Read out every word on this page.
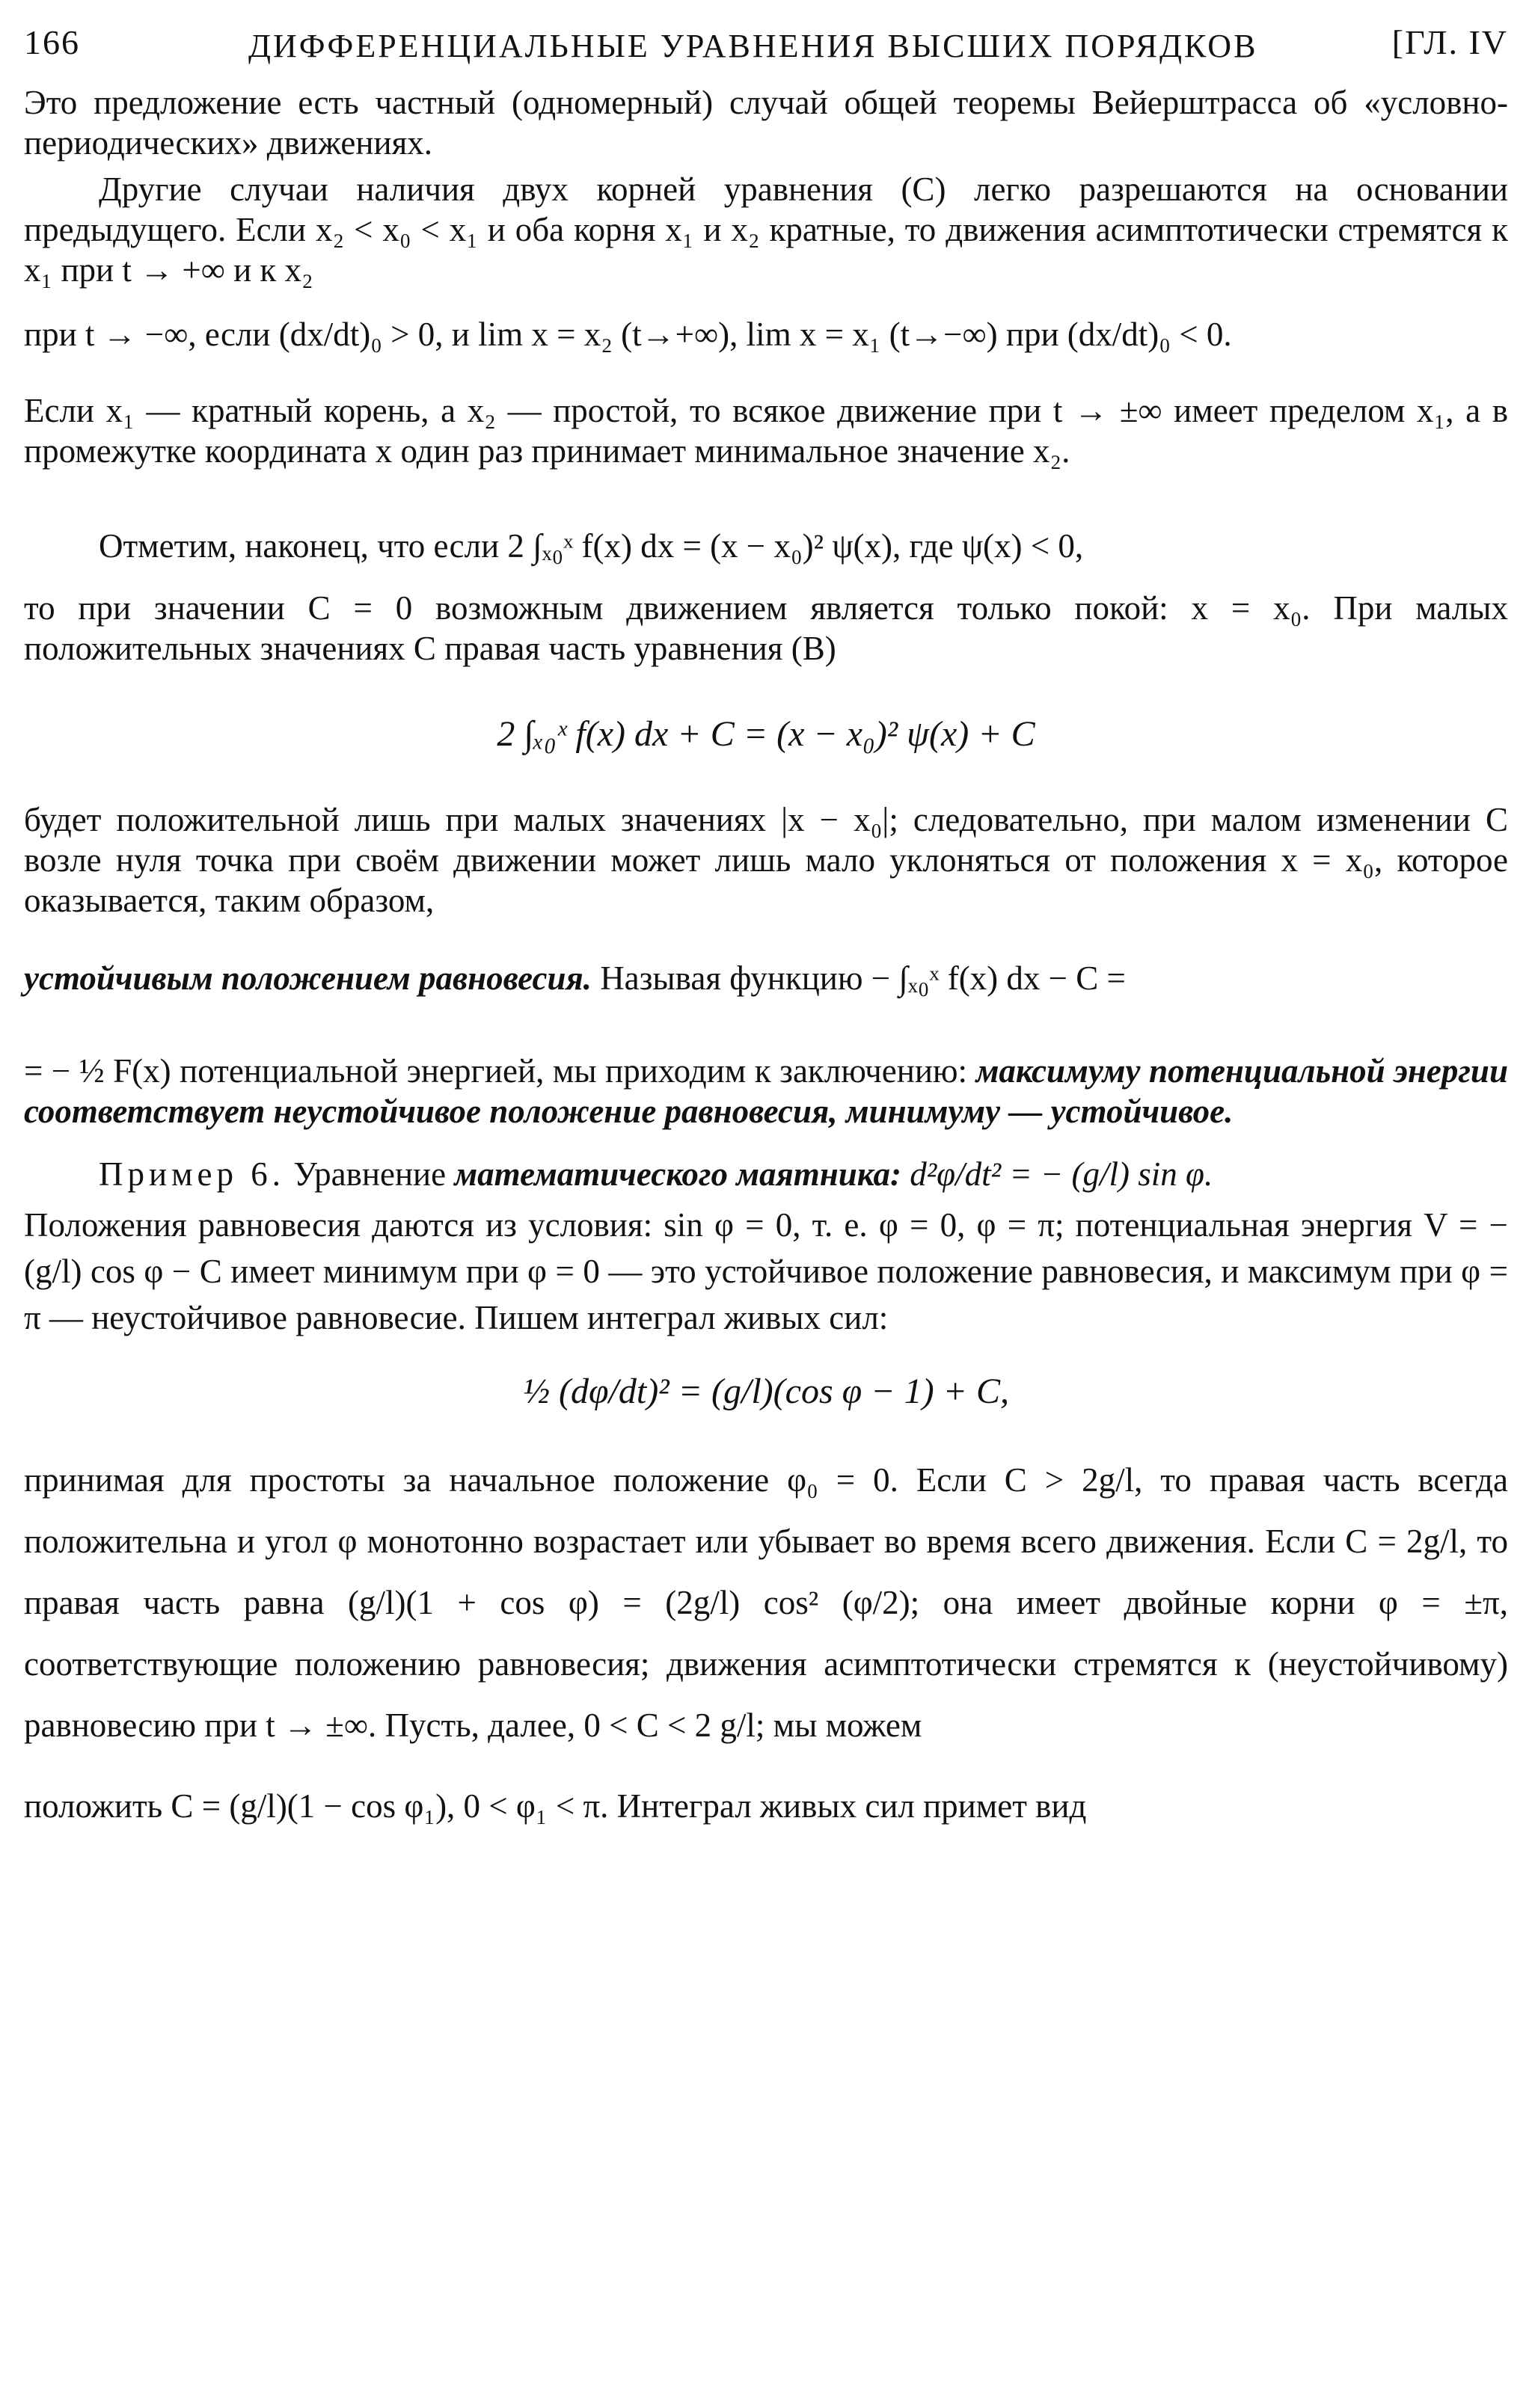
166	ДИФФЕРЕНЦИАЛЬНЫЕ УРАВНЕНИЯ ВЫСШИХ ПОРЯДКОВ	[ГЛ. IV

Это предложение есть частный (одномерный) случай общей теоремы Вейерштрасса об «условно-периодических» движениях.

Другие случаи наличия двух корней уравнения (C) легко разрешаются на основании предыдущего. Если x₂ < x₀ < x₁ и оба корня x₁ и x₂ кратные, то движения асимптотически стремятся к x₁ при t → +∞ и к x₂

при t → −∞, если (dx/dt)₀ > 0, и lim x = x₂ (t→+∞), lim x = x₁ (t→−∞) при (dx/dt)₀ < 0.

Если x₁ — кратный корень, а x₂ — простой, то всякое движение при t → ±∞ имеет пределом x₁, а в промежутке координата x один раз принимает минимальное значение x₂.

Отметим, наконец, что если 2 ∫ₓ₀ˣ f(x) dx = (x − x₀)² ψ(x), где ψ(x) < 0,

то при значении C = 0 возможным движением является только покой: x = x₀. При малых положительных значениях C правая часть уравнения (B)

2 ∫ₓ₀ˣ f(x) dx + C = (x − x₀)² ψ(x) + C

будет положительной лишь при малых значениях |x − x₀|; следовательно, при малом изменении C возле нуля точка при своём движении может лишь мало уклоняться от положения x = x₀, которое оказывается, таким образом,

устойчивым положением равновесия. Называя функцию − ∫ₓ₀ˣ f(x) dx − C =

= − ½ F(x) потенциальной энергией, мы приходим к заключению: максимуму потенциальной энергии соответствует неустойчивое положение равновесия, минимуму — устойчивое.

Пример 6. Уравнение математического маятника: d²φ/dt² = − (g/l) sin φ.

Положения равновесия даются из условия: sin φ = 0, т. е. φ = 0, φ = π; потенциальная энергия V = − (g/l) cos φ − C имеет минимум при φ = 0 — это устойчивое положение равновесия, и максимум при φ = π — неустойчивое равновесие. Пишем интеграл живых сил:

½ (dφ/dt)² = (g/l)(cos φ − 1) + C,

принимая для простоты за начальное положение φ₀ = 0. Если C > 2g/l, то правая часть всегда положительна и угол φ монотонно возрастает или убывает во время всего движения. Если C = 2g/l, то правая часть равна (g/l)(1 + cos φ) = (2g/l) cos² (φ/2); она имеет двойные корни φ = ±π, соответствующие положению равновесия; движения асимптотически стремятся к (неустойчивому) равновесию при t → ±∞. Пусть, далее, 0 < C < 2 g/l; мы можем

положить C = (g/l)(1 − cos φ₁), 0 < φ₁ < π. Интеграл живых сил примет вид
